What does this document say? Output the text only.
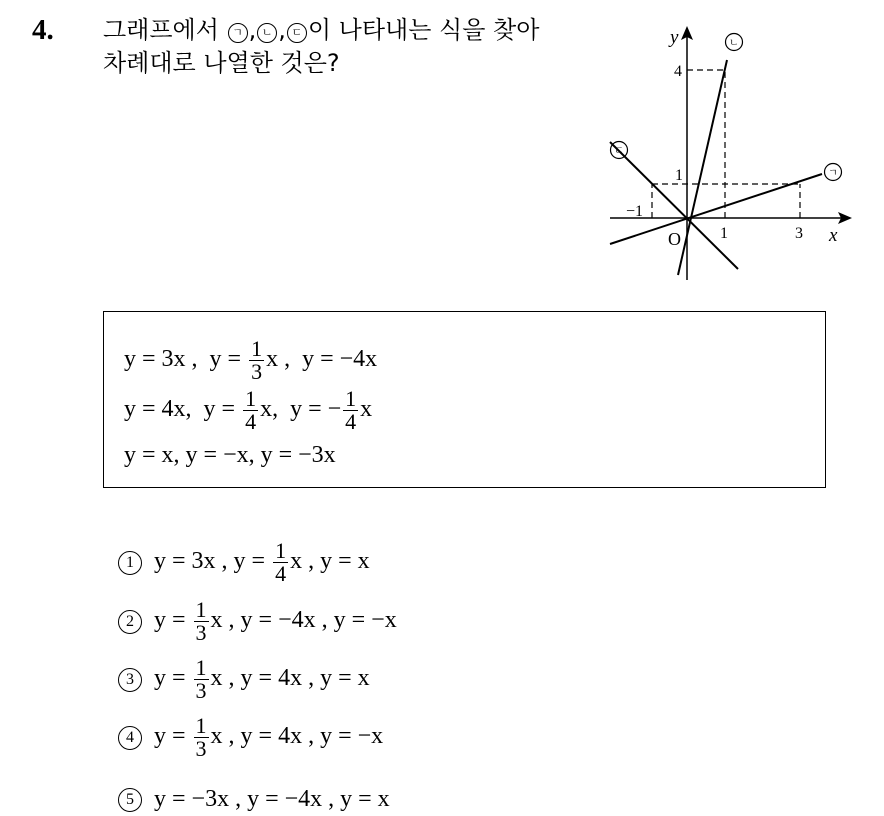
4. 그래프에서 ㄱ , ㄴ , ㄷ 이 나타내는 식을 찾아
차례대로 나열한 것은?
y
x
O 1	3
−1
1
4
ㄱ
ㄴ
ㄷ
y = 3x ,  $y = \frac{1}{3}$ x ,  y = −4x
y = 4x, $y = \frac{1}{4} x$, y = − $\frac{1}{4}$ x
y = x, y = −x, y = −3x
1 y = 3x , $y = \frac{1}{4}$ x , y = x
2 $y = \frac{1}{3}$ x , y = −4x , y = −x
3 $y = \frac{1}{3}$ x , y = 4x , y = x
4 $y = \frac{1}{3}$ x , y = 4x , y = −x
5 y = −3x , y = −4x , y = x
